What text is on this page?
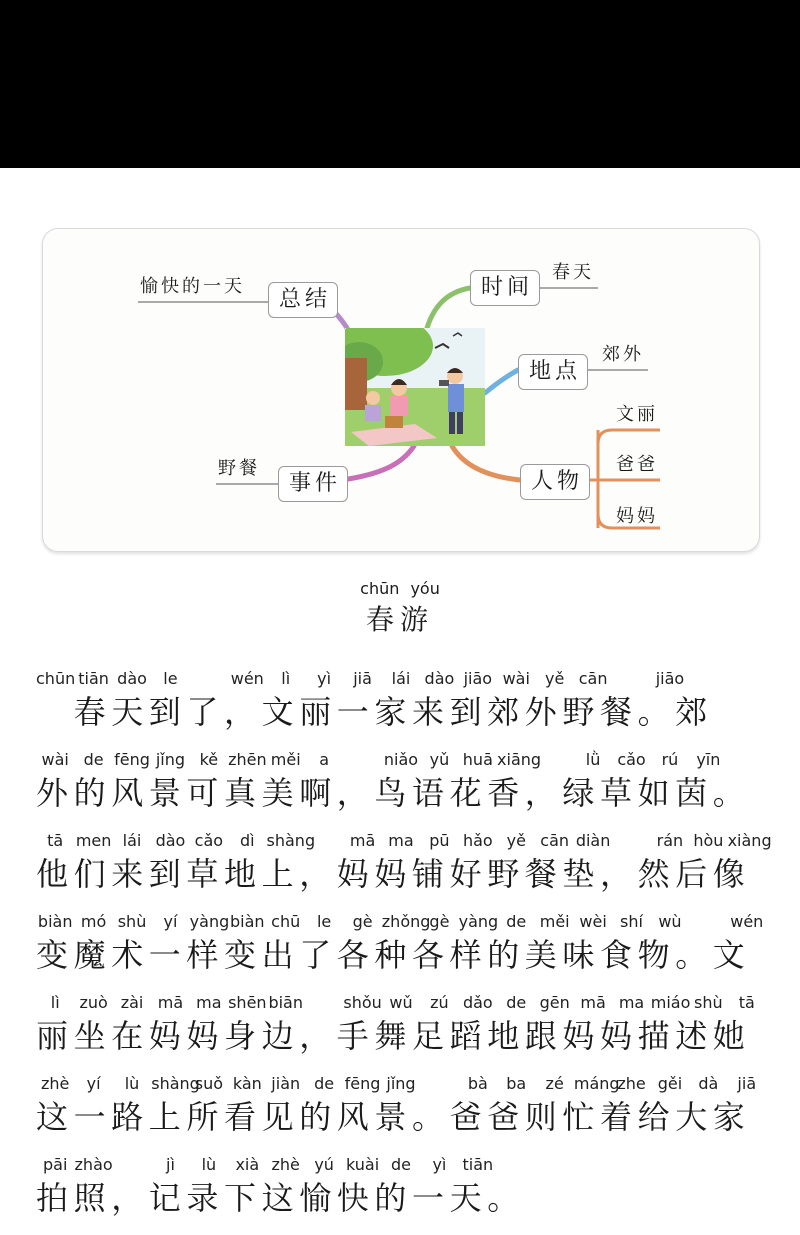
总结
愉快的一天	时间
春天
地点
郊外
事件
野餐
人物
文丽
爸爸
妈妈
chūn yóu
春游
chūn tiān dào	le	wén	lì	yì	jiā	lái dào jiāo wài yě cān	jiāo
　春天到了，文丽一家来到郊外野餐。郊
wài de fēng jǐng kě zhēn měi	a	niǎo yǔ huā xiāng	lǜ	cǎo rú	yīn
外的风景可真美啊，鸟语花香，绿草如茵。
tā men lái dào cǎo	dì shàng	mā ma pū hǎo yě cān diàn	rán hòu xiàng
他们来到草地上，妈妈铺好野餐垫，然后像
biàn mó shù	yí yàng biàn chū	le	gè zhǒng gè yàng de měi wèi shí wù	wén
变魔术一样变出了各种各样的美味食物。文
lì	zuò zài mā ma shēn biān	shǒu wǔ	zú dǎo de gēn mā ma miáo shù	tā
丽坐在妈妈身边，手舞足蹈地跟妈妈描述她
zhè	yí	lù shàng
suǒ kàn jiàn de fēng jǐng	bà	ba	zé máng
zhe gěi	dà	jiā
这一路上所看见的风景。爸爸则忙着给大家
pāi zhào	jì	lù	xià zhè yú kuài de	yì	tiān
拍照，记录下这愉快的一天。
